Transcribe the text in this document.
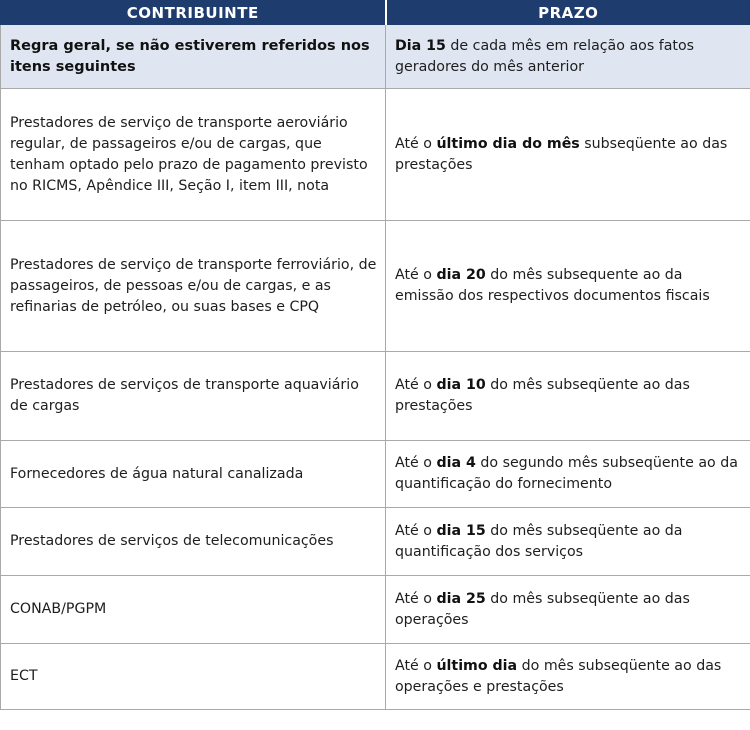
CONTRIBUINTE	PRAZO
Regra geral, se não estiverem referidos nos itens seguintes	Dia 15 de cada mês em relação aos fatos geradores do mês anterior
Prestadores de serviço de transporte aeroviário regular, de passageiros e/ou de cargas, que tenham optado pelo prazo de pagamento previsto no RICMS, Apêndice III, Seção I, item III, nota	Até o último dia do mês subseqüente ao das prestações
Prestadores de serviço de transporte ferroviário, de passageiros, de pessoas e/ou de cargas, e as refinarias de petróleo, ou suas bases e CPQ	Até o dia 20 do mês subsequente ao da emissão dos respectivos documentos fiscais
Prestadores de serviços de transporte aquaviário de cargas	Até o dia 10 do mês subseqüente ao das prestações
Fornecedores de água natural canalizada	Até o dia 4 do segundo mês subseqüente ao da quantificação do fornecimento
Prestadores de serviços de telecomunicações	Até o dia 15 do mês subseqüente ao da quantificação dos serviços
CONAB/PGPM	Até o dia 25 do mês subseqüente ao das operações
ECT	Até o último dia do mês subseqüente ao das operações e prestações
